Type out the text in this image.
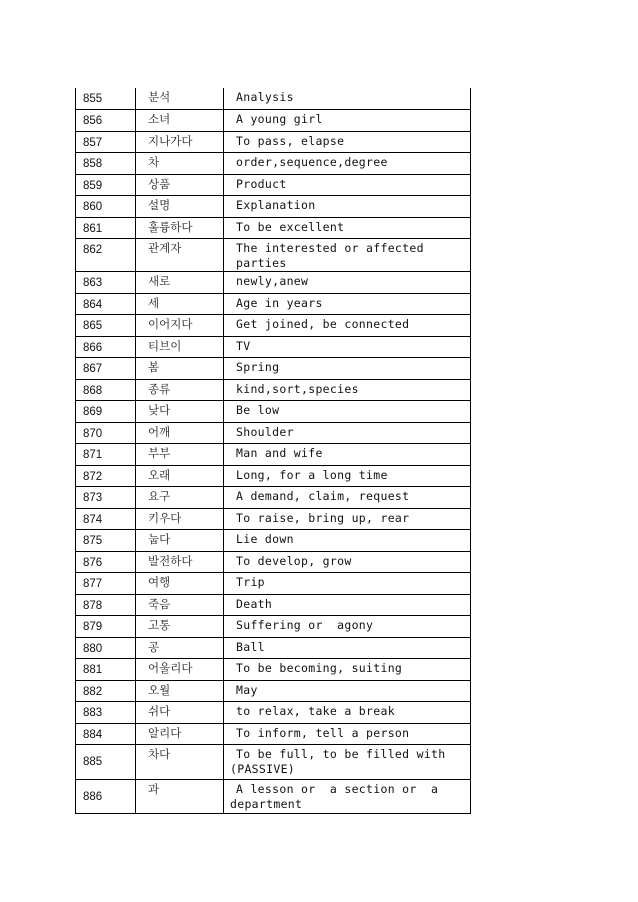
855	분석	Analysis

856	소녀	A young girl

857	지나가다	To pass, elapse

858	차	order,sequence,degree

859	상품	Product

860	설명	Explanation

861	훌륭하다	To be excellent

862	관계자	The interested or affected parties

863	새로	newly,anew

864	세	Age in years

865	이어지다	Get joined, be connected

866	티브이	TV

867	봄	Spring

868	종류	kind,sort,species

869	낮다	Be low

870	어깨	Shoulder

871	부부	Man and wife

872	오래	Long, for a long time

873	요구	A demand, claim, request

874	키우다	To raise, bring up, rear

875	눕다	Lie down

876	발전하다	To develop, grow

877	여행	Trip

878	죽음	Death

879	고통	Suffering or  agony

880	공	Ball

881	어울리다	To be becoming, suiting

882	오월	May

883	쉬다	to relax, take a break

884	알리다	To inform, tell a person

885	차다	To be full, to be filled with (PASSIVE)

886	과	A lesson or  a section or  a department
